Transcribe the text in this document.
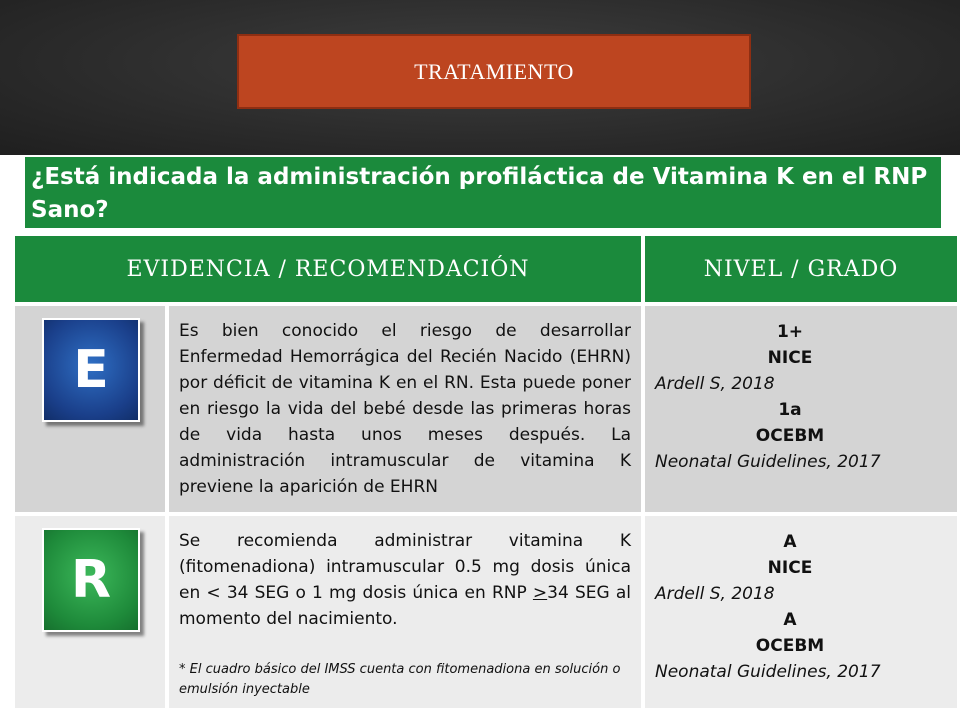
TRATAMIENTO
¿Está indicada la administración profiláctica de Vitamina K en el RNP Sano?
EVIDENCIA / RECOMENDACIÓN	NIVEL / GRADO
E

Es bien conocido el riesgo de desarrollar Enfermedad Hemorrágica del Recién Nacido (EHRN) por déficit de vitamina K en el RN. Esta puede poner en riesgo la vida del bebé desde las primeras horas de vida hasta unos meses después. La administración intramuscular de vitamina K previene la aparición de EHRN

1+
NICE
Ardell S, 2018
1a
OCEBM
Neonatal Guidelines, 2017
R

Se recomienda administrar vitamina K (fitomenadiona) intramuscular 0.5 mg dosis única en < 34 SEG o 1 mg dosis única en RNP ≥34 SEG al momento del nacimiento.

* El cuadro básico del IMSS cuenta con fitomenadiona en solución o emulsión inyectable

A
NICE
Ardell S, 2018
A
OCEBM
Neonatal Guidelines, 2017
